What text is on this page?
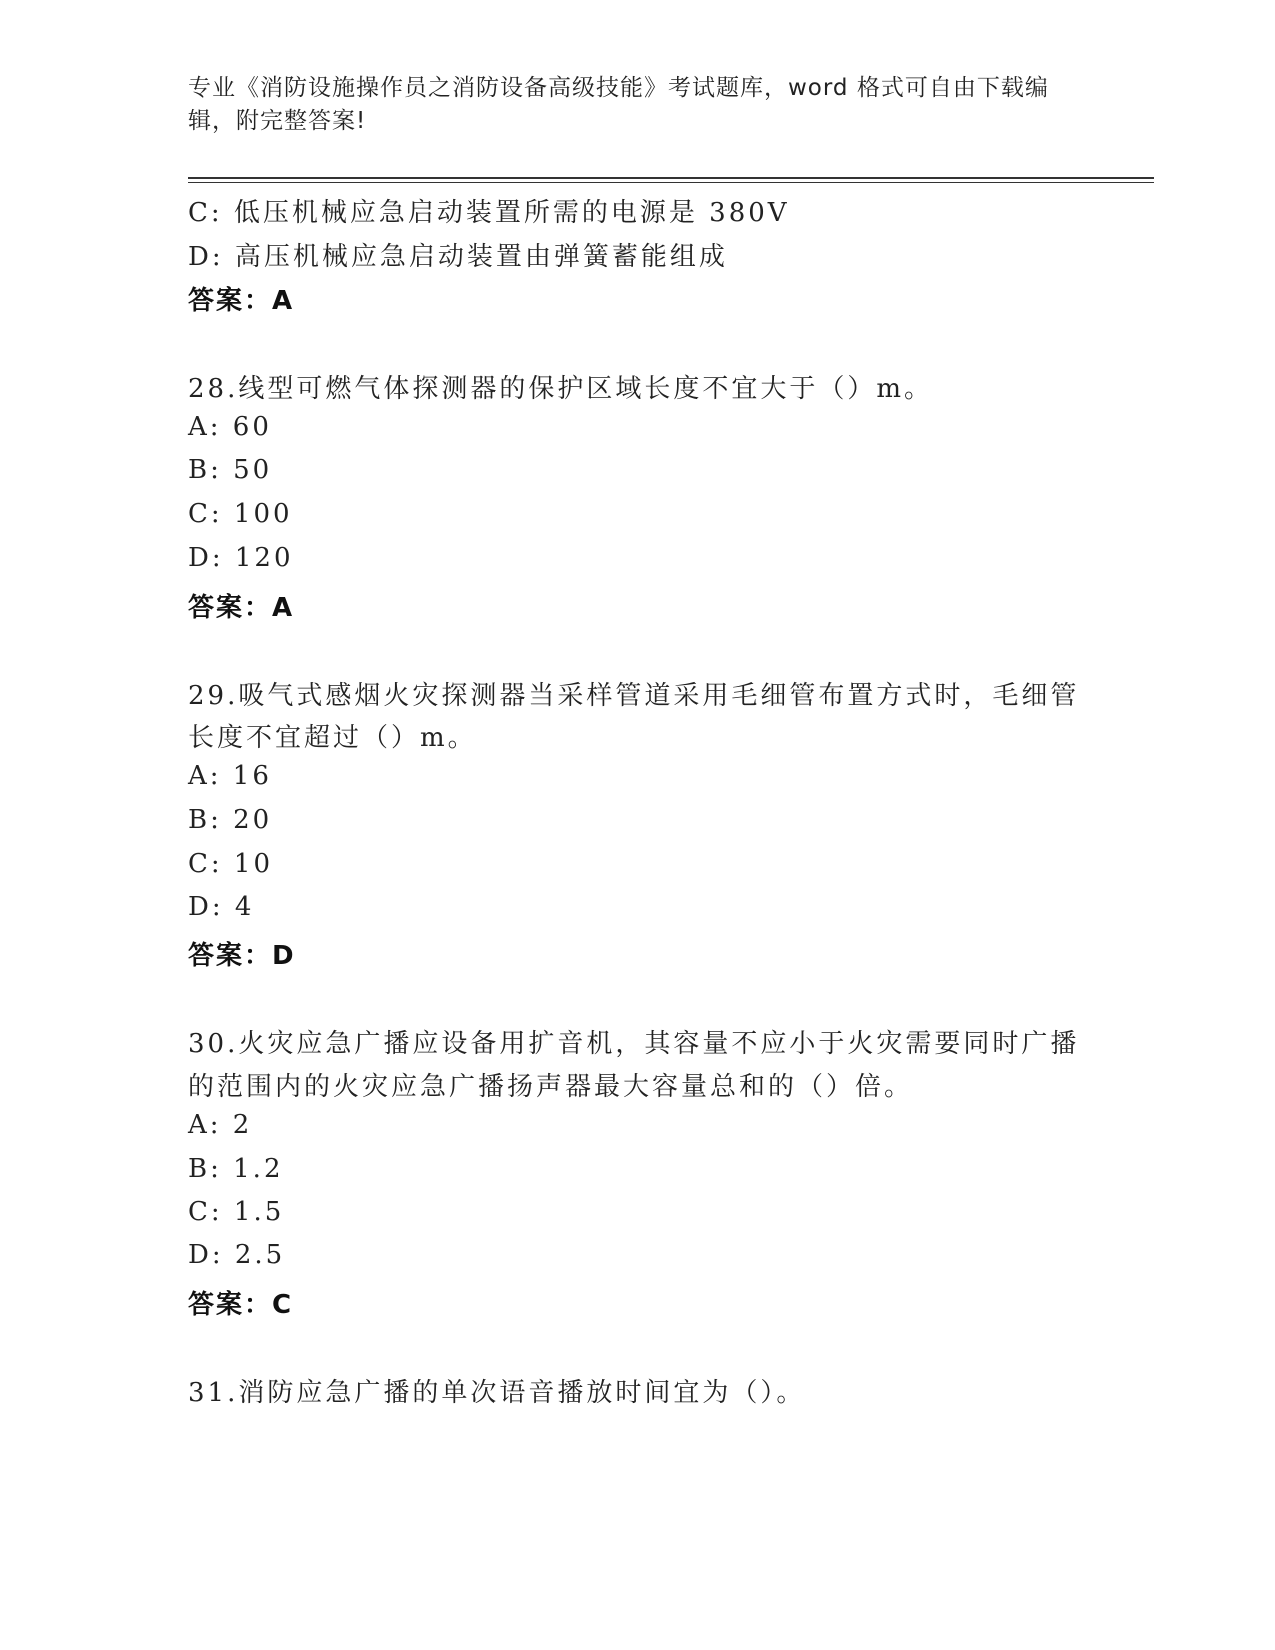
专业《消防设施操作员之消防设备高级技能》考试题库，word 格式可自由下载编
辑，附完整答案!
C: 低压机械应急启动装置所需的电源是 380V
D: 高压机械应急启动装置由弹簧蓄能组成
答案：A
28.线型可燃气体探测器的保护区域长度不宜大于（）m。
A: 60
B: 50
C: 100
D: 120
答案：A
29.吸气式感烟火灾探测器当采样管道采用毛细管布置方式时，毛细管
长度不宜超过（）m。
A: 16
B: 20
C: 10
D: 4
答案：D
30.火灾应急广播应设备用扩音机，其容量不应小于火灾需要同时广播
的范围内的火灾应急广播扬声器最大容量总和的（）倍。
A: 2
B: 1.2
C: 1.5
D: 2.5
答案：C
31.消防应急广播的单次语音播放时间宜为（）。
